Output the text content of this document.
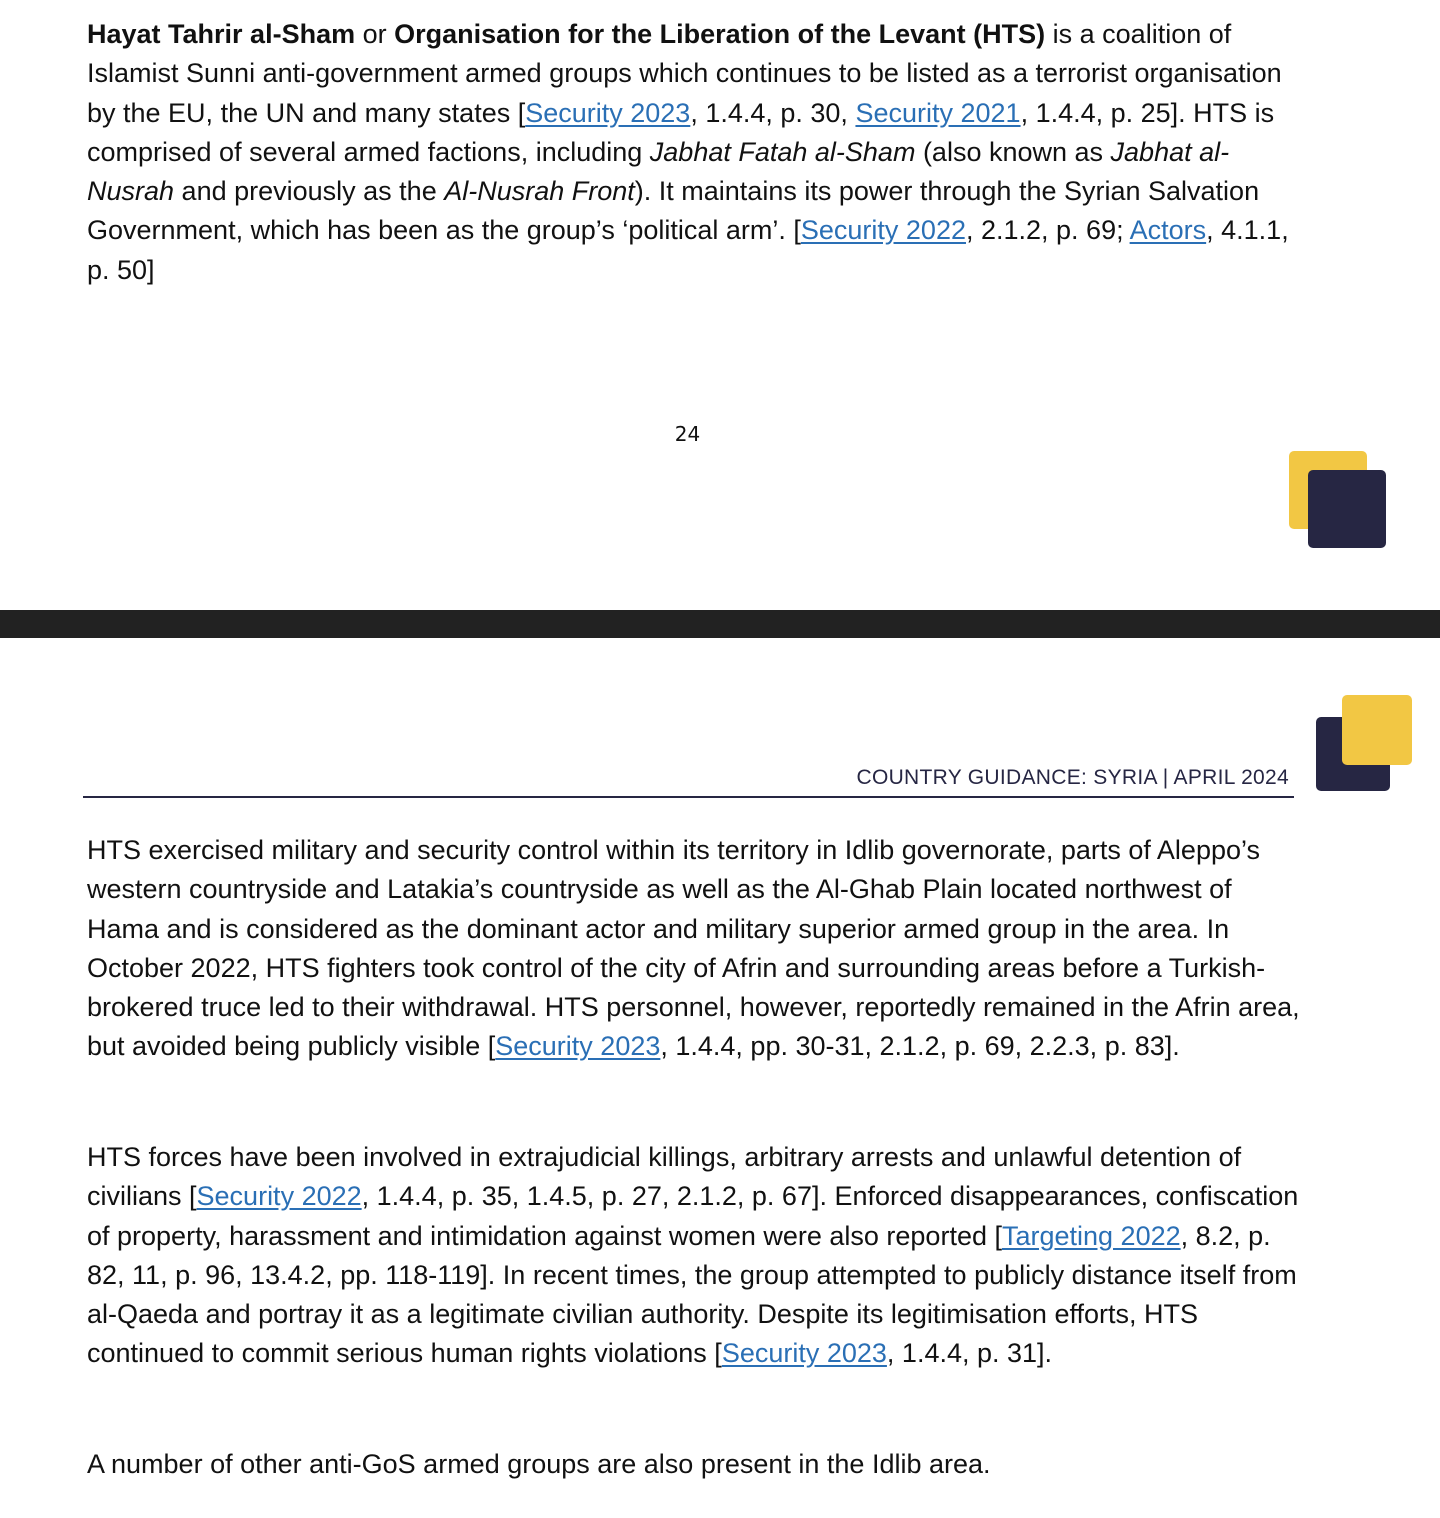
Hayat Tahrir al-Sham or Organisation for the Liberation of the Levant (HTS) is a coalition of Islamist Sunni anti-government armed groups which continues to be listed as a terrorist organisation by the EU, the UN and many states [Security 2023, 1.4.4, p. 30, Security 2021, 1.4.4, p. 25]. HTS is comprised of several armed factions, including Jabhat Fatah al-Sham (also known as Jabhat al-Nusrah and previously as the Al-Nusrah Front). It maintains its power through the Syrian Salvation Government, which has been as the group’s ‘political arm’. [Security 2022, 2.1.2, p. 69; Actors, 4.1.1, p. 50]

24
COUNTRY GUIDANCE: SYRIA | APRIL 2024

HTS exercised military and security control within its territory in Idlib governorate, parts of Aleppo’s western countryside and Latakia’s countryside as well as the Al-Ghab Plain located northwest of Hama and is considered as the dominant actor and military superior armed group in the area. In October 2022, HTS fighters took control of the city of Afrin and surrounding areas before a Turkish-brokered truce led to their withdrawal. HTS personnel, however, reportedly remained in the Afrin area, but avoided being publicly visible [Security 2023, 1.4.4, pp. 30-31, 2.1.2, p. 69, 2.2.3, p. 83].

HTS forces have been involved in extrajudicial killings, arbitrary arrests and unlawful detention of civilians [Security 2022, 1.4.4, p. 35, 1.4.5, p. 27, 2.1.2, p. 67]. Enforced disappearances, confiscation of property, harassment and intimidation against women were also reported [Targeting 2022, 8.2, p. 82, 11, p. 96, 13.4.2, pp. 118-119]. In recent times, the group attempted to publicly distance itself from al-Qaeda and portray it as a legitimate civilian authority. Despite its legitimisation efforts, HTS continued to commit serious human rights violations [Security 2023, 1.4.4, p. 31].

A number of other anti-GoS armed groups are also present in the Idlib area.
